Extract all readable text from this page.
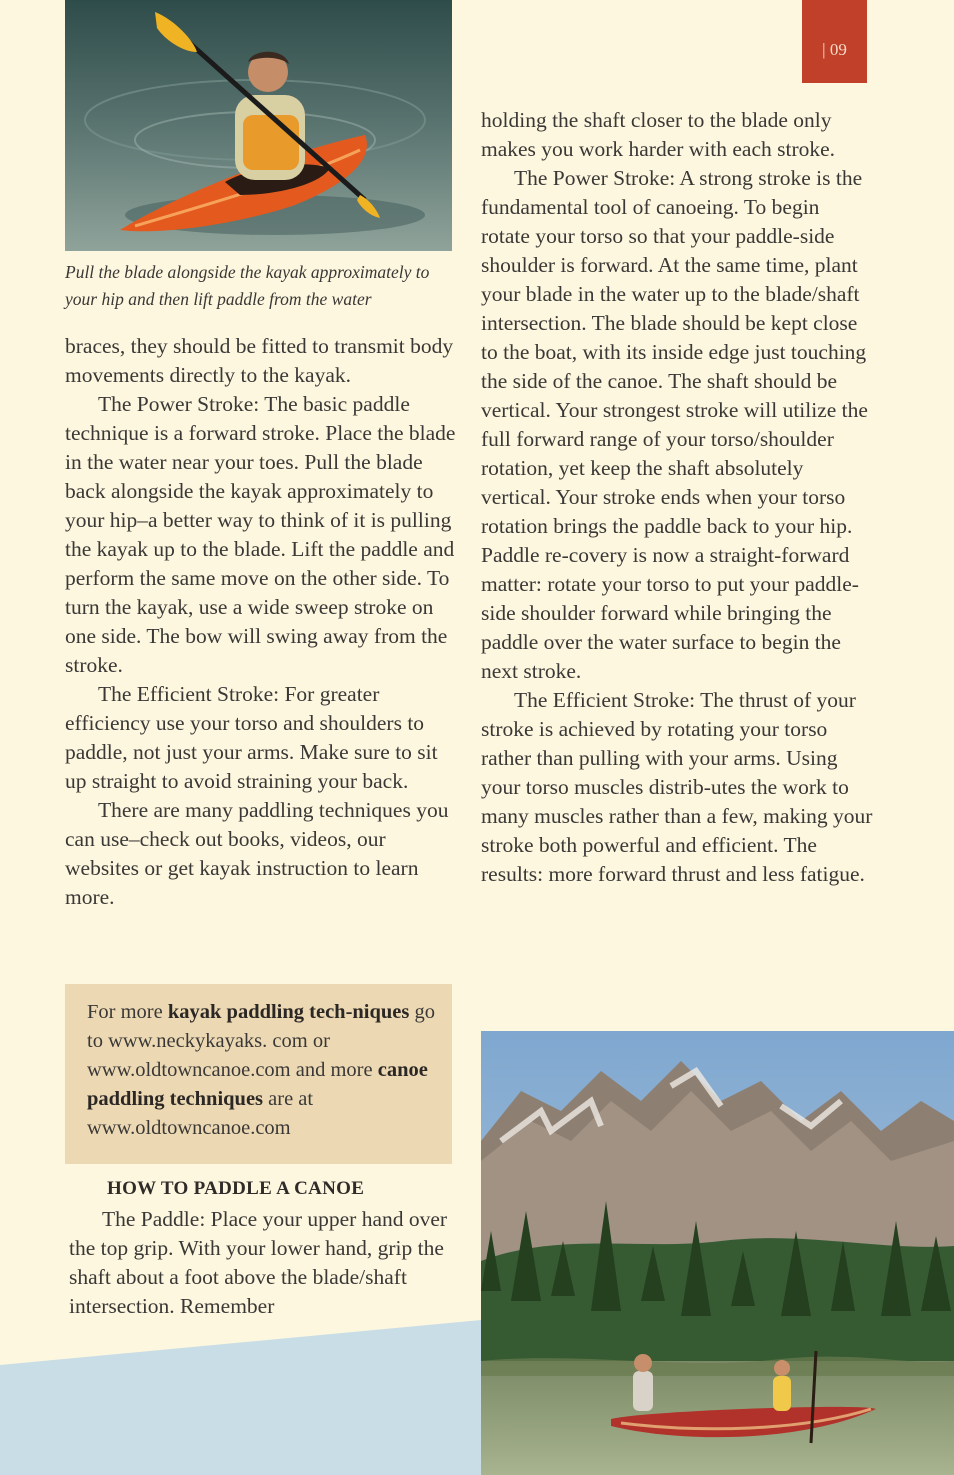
| 09
Pull the blade alongside the kayak approximately to your hip and then lift paddle from the water

braces, they should be fitted to transmit body movements directly to the kayak.

The Power Stroke: The basic paddle technique is a forward stroke. Place the blade in the water near your toes. Pull the blade back alongside the kayak approximately to your hip–a better way to think of it is pulling the kayak up to the blade. Lift the paddle and perform the same move on the other side. To turn the kayak, use a wide sweep stroke on one side. The bow will swing away from the stroke.

The Efficient Stroke: For greater efficiency use your torso and shoulders to paddle, not just your arms. Make sure to sit up straight to avoid straining your back.

There are many paddling techniques you can use–check out books, videos, our websites or get kayak instruction to learn more.

For more kayak paddling tech-niques go to www.neckykayaks. com or www.oldtowncanoe.com and more canoe paddling techniques are at www.oldtowncanoe.com
HOW TO PADDLE A CANOE

The Paddle: Place your upper hand over the top grip. With your lower hand, grip the shaft about a foot above the blade/shaft intersection. Remember

holding the shaft closer to the blade only makes you work harder with each stroke.

The Power Stroke: A strong stroke is the fundamental tool of canoeing. To begin rotate your torso so that your paddle-side shoulder is forward. At the same time, plant your blade in the water up to the blade/shaft intersection. The blade should be kept close to the boat, with its inside edge just touching the side of the canoe. The shaft should be vertical. Your strongest stroke will utilize the full forward range of your torso/shoulder rotation, yet keep the shaft absolutely vertical. Your stroke ends when your torso rotation brings the paddle back to your hip. Paddle re-covery is now a straight-forward matter: rotate your torso to put your paddle-side shoulder forward while bringing the paddle over the water surface to begin the next stroke.

The Efficient Stroke: The thrust of your stroke is achieved by rotating your torso rather than pulling with your arms. Using your torso muscles distrib-utes the work to many muscles rather than a few, making your stroke both powerful and efficient. The results: more forward thrust and less fatigue.
